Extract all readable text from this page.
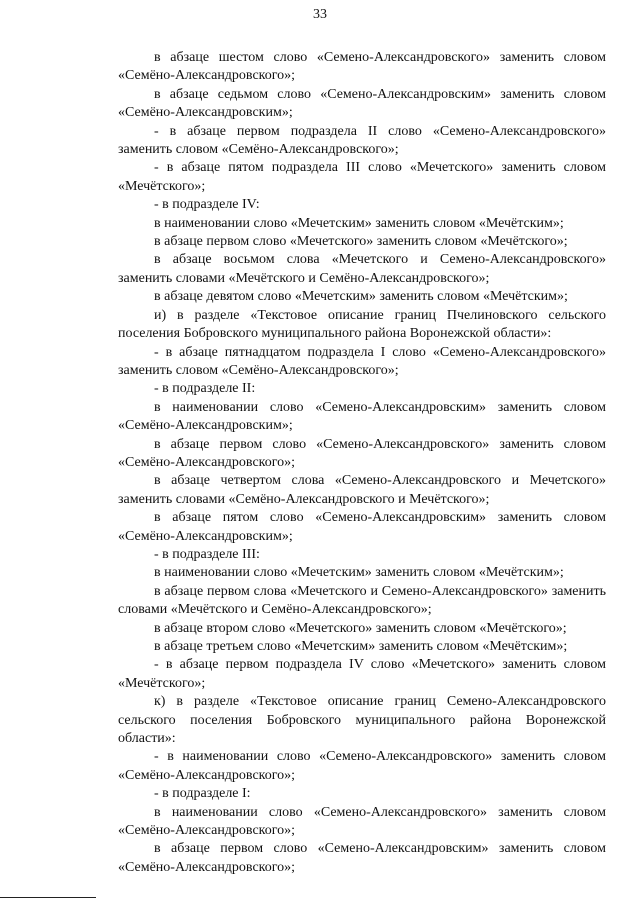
33

в абзаце шестом слово «Семено-Александровского» заменить словом «Семёно-Александровского»;

в абзаце седьмом слово «Семено-Александровским» заменить словом «Семёно-Александровским»;

- в абзаце первом подраздела II слово «Семено-Александровского» заменить словом «Семёно-Александровского»;

- в абзаце пятом подраздела III слово «Мечетского» заменить словом «Мечётского»;

- в подразделе IV:

в наименовании слово «Мечетским» заменить словом «Мечётским»;

в абзаце первом слово «Мечетского» заменить словом «Мечётского»;

в абзаце восьмом слова «Мечетского и Семено-Александровского» заменить словами «Мечётского и Семёно-Александровского»;

в абзаце девятом слово «Мечетским» заменить словом «Мечётским»;

и) в разделе «Текстовое описание границ Пчелиновского сельского поселения Бобровского муниципального района Воронежской области»:

- в абзаце пятнадцатом подраздела I слово «Семено-Александровского» заменить словом «Семёно-Александровского»;

- в подразделе II:

в наименовании слово «Семено-Александровским» заменить словом «Семёно-Александровским»;

в абзаце первом слово «Семено-Александровского» заменить словом «Семёно-Александровского»;

в абзаце четвертом слова «Семено-Александровского и Мечетского» заменить словами «Семёно-Александровского и Мечётского»;

в абзаце пятом слово «Семено-Александровским» заменить словом «Семёно-Александровским»;

- в подразделе III:

в наименовании слово «Мечетским» заменить словом «Мечётским»;

в абзаце первом слова «Мечетского и Семено-Александровского» заменить словами «Мечётского и Семёно-Александровского»;

в абзаце втором слово «Мечетского» заменить словом «Мечётского»;

в абзаце третьем слово «Мечетским» заменить словом «Мечётским»;

- в абзаце первом подраздела IV слово «Мечетского» заменить словом «Мечётского»;

к) в разделе «Текстовое описание границ Семено-Александровского сельского поселения Бобровского муниципального района Воронежской области»:

- в наименовании слово «Семено-Александровского» заменить словом «Семёно-Александровского»;

- в подразделе I:

в наименовании слово «Семено-Александровского» заменить словом «Семёно-Александровского»;

в абзаце первом слово «Семено-Александровским» заменить словом «Семёно-Александровского»;
